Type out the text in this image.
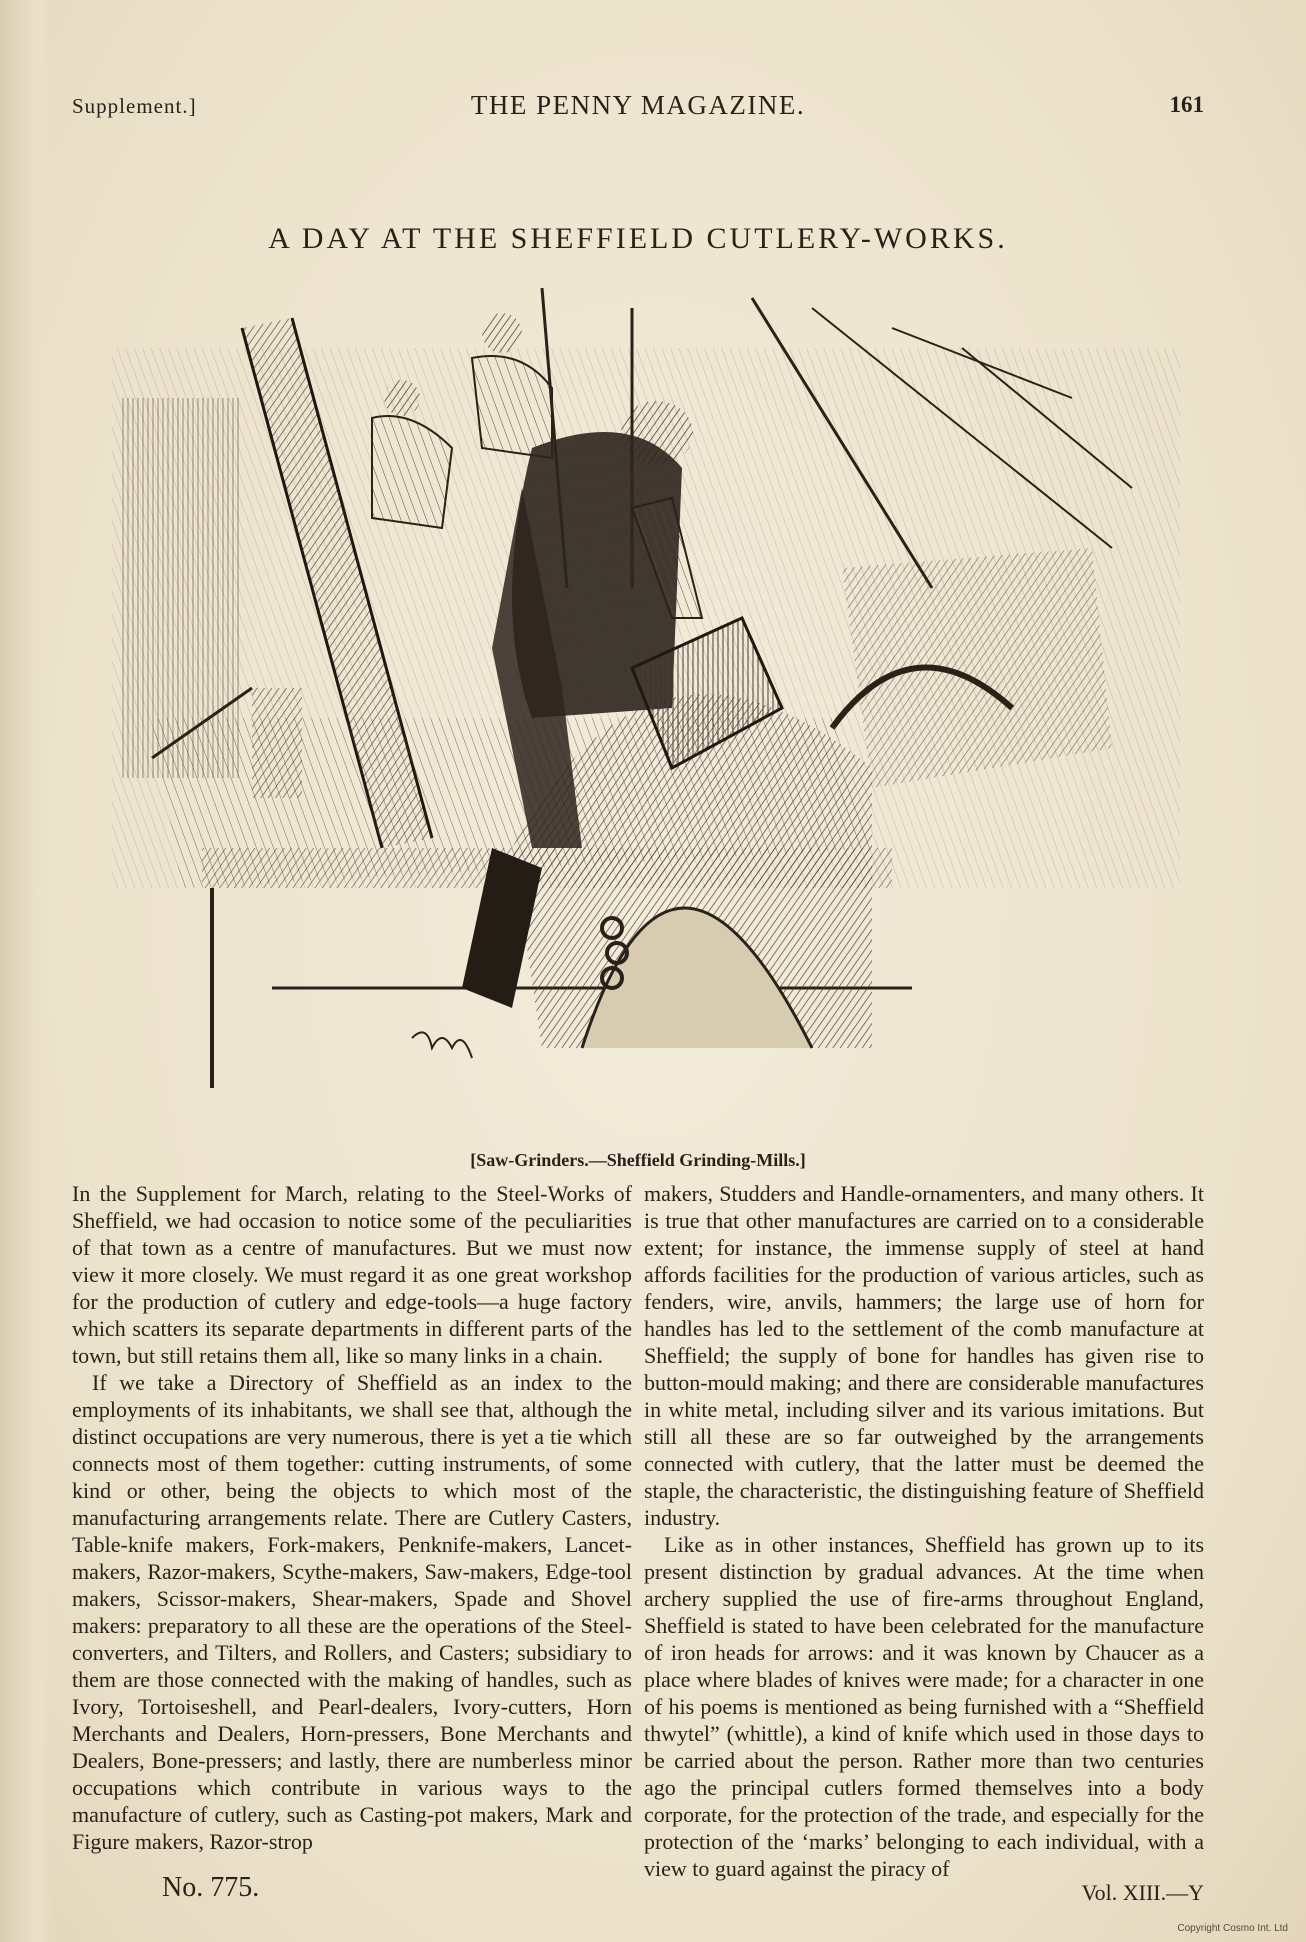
Supplement.]	THE PENNY MAGAZINE.	161
A DAY AT THE SHEFFIELD CUTLERY-WORKS.
[Saw-Grinders.—Sheffield Grinding-Mills.]

In the Supplement for March, relating to the Steel-Works of Sheffield, we had occasion to notice some of the peculiarities of that town as a centre of manufactures. But we must now view it more closely. We must regard it as one great workshop for the production of cutlery and edge-tools—a huge factory which scatters its separate departments in different parts of the town, but still retains them all, like so many links in a chain.

If we take a Directory of Sheffield as an index to the employments of its inhabitants, we shall see that, although the distinct occupations are very numerous, there is yet a tie which connects most of them together: cutting instruments, of some kind or other, being the objects to which most of the manufacturing arrangements relate. There are Cutlery Casters, Table-knife makers, Fork-makers, Penknife-makers, Lancet-makers, Razor-makers, Scythe-makers, Saw-makers, Edge-tool makers, Scissor-makers, Shear-makers, Spade and Shovel makers: preparatory to all these are the operations of the Steel-converters, and Tilters, and Rollers, and Casters; subsidiary to them are those connected with the making of handles, such as Ivory, Tortoiseshell, and Pearl-dealers, Ivory-cutters, Horn Merchants and Dealers, Horn-pressers, Bone Merchants and Dealers, Bone-pressers; and lastly, there are numberless minor occupations which contribute in various ways to the manufacture of cutlery, such as Casting-pot makers, Mark and Figure makers, Razor-strop

makers, Studders and Handle-ornamenters, and many others. It is true that other manufactures are carried on to a considerable extent; for instance, the immense supply of steel at hand affords facilities for the production of various articles, such as fenders, wire, anvils, hammers; the large use of horn for handles has led to the settlement of the comb manufacture at Sheffield; the supply of bone for handles has given rise to button-mould making; and there are considerable manufactures in white metal, including silver and its various imitations. But still all these are so far outweighed by the arrangements connected with cutlery, that the latter must be deemed the staple, the characteristic, the distinguishing feature of Sheffield industry.

Like as in other instances, Sheffield has grown up to its present distinction by gradual advances. At the time when archery supplied the use of fire-arms throughout England, Sheffield is stated to have been celebrated for the manufacture of iron heads for arrows: and it was known by Chaucer as a place where blades of knives were made; for a character in one of his poems is mentioned as being furnished with a “Sheffield thwytel” (whittle), a kind of knife which used in those days to be carried about the person. Rather more than two centuries ago the principal cutlers formed themselves into a body corporate, for the protection of the trade, and especially for the protection of the ‘marks’ belonging to each individual, with a view to guard against the piracy of

No. 775.	Vol. XIII.—Y
Copyright Cosmo Int. Ltd
